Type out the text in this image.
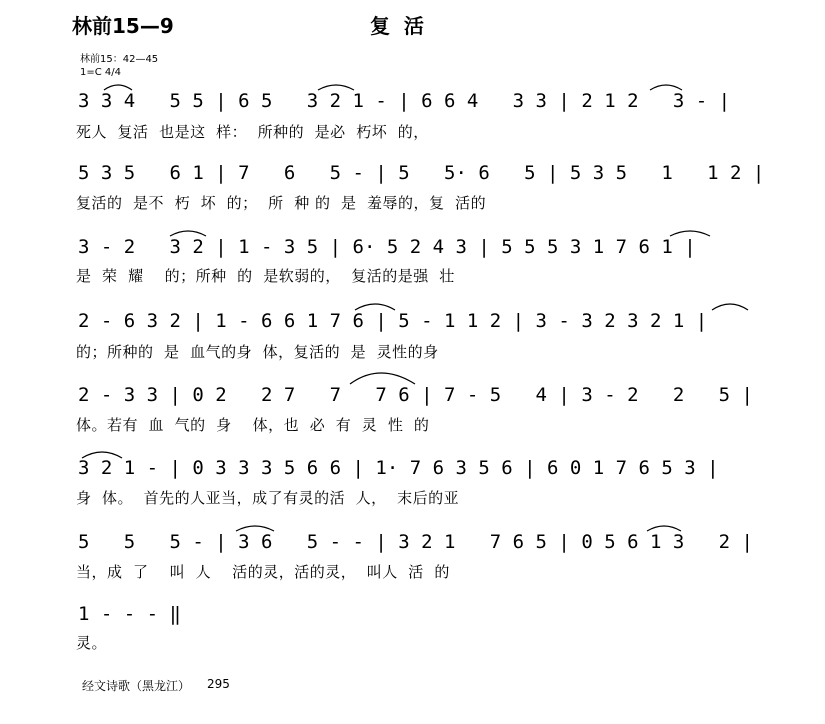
林前15—9	复  活
林前15：42—45
1=C 4/4
3 3 4   5 5 | 6 5   3 2 1 - | 6 6 4   3 3 | 2 1 2   3 - |
死人  复活  也是这  样：  所种的  是必  朽坏  的，
5 3 5   6 1 | 7   6   5 - | 5   5· 6   5 | 5 3 5   1   1 2 |
复活的  是不  朽  坏  的；  所  种 的  是  羞辱的，复  活的
3 - 2   3 2 | 1 - 3 5 | 6· 5 2 4 3 | 5 5 5 3 1 7 6 1 |
是  荣  耀    的；所种  的  是软弱的，  复活的是强  壮
2 - 6 3 2 | 1 - 6 6 1 7 6 | 5 - 1 1 2 | 3 - 3 2 3 2 1 |
的；所种的  是  血气的身  体，复活的  是  灵性的身
2 - 3 3 | 0 2   2 7   7   7 6 | 7 - 5   4 | 3 - 2   2   5 |
体。若有  血  气的  身    体，也  必  有  灵  性  的
3 2 1 - | 0 3 3 3 5 6 6 | 1· 7 6 3 5 6 | 6 0 1 7 6 5 3 |
身  体。  首先的人亚当，成了有灵的活  人，  末后的亚
5   5   5 - | 3 6   5 - - | 3 2 1   7 6 5 | 0 5 6 1 3   2 |
当，成  了    叫  人    活的灵，活的灵，  叫人  活  的
1 - - - ‖
灵。
经文诗歌（黑龙江） 295
